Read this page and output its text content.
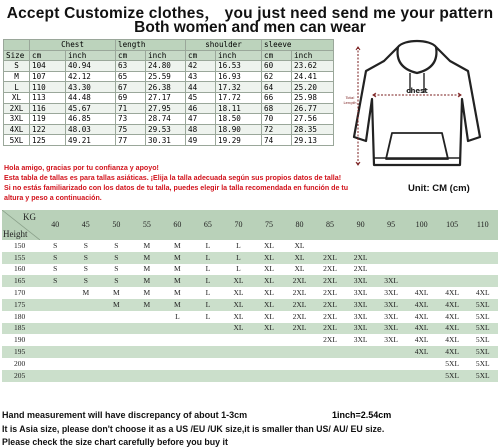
Accept Customize clothes， you just need send me your pattern
Both women and men can wear
	Chest		length		shoulder		sleeve	
Size	cm	inch	cm	inch	cm	inch	cm	inch
S	104	40.94	63	24.80	42	16.53	60	23.62
M	107	42.12	65	25.59	43	16.93	62	24.41
L	110	43.30	67	26.38	44	17.32	64	25.20
XL	113	44.48	69	27.17	45	17.72	66	25.98
2XL	116	45.67	71	27.95	46	18.11	68	26.77
3XL	119	46.85	73	28.74	47	18.50	70	27.56
4XL	122	48.03	75	29.53	48	18.90	72	28.35
5XL	125	49.21	77	30.31	49	19.29	74	29.13
chest
Total
Length
Hola amigo, gracias por tu confianza y apoyo!
Esta tabla de tallas es para tallas asiáticas. ¡Elija la talla adecuada según sus propios datos de talla!
Si no estás familiarizado con los datos de tu talla, puedes elegir la talla recomendada en función de tu
altura y peso a continuación.
Unit: CM (cm)
KG
Height	40	45	50	55	60	65	70	75	80	85	90	95	100	105	110
150	S	S	S	M	M	L	L	XL	XL						
155	S	S	S	M	M	L	L	XL	XL	2XL	2XL				
160	S	S	S	M	M	L	L	XL	XL	2XL	2XL				
165	S	S	S	M	M	L	XL	XL	2XL	2XL	3XL	3XL			
170		M	M	M	M	L	XL	XL	2XL	2XL	3XL	3XL	4XL	4XL	4XL
175			M	M	M	L	XL	XL	2XL	2XL	3XL	3XL	4XL	4XL	5XL
180					L	L	XL	XL	2XL	2XL	3XL	3XL	4XL	4XL	5XL
185							XL	XL	2XL	2XL	3XL	3XL	4XL	4XL	5XL
190										2XL	3XL	3XL	4XL	4XL	5XL
195													4XL	4XL	5XL
200														5XL	5XL
205														5XL	5XL
Hand measurement will have discrepancy of about 1-3cm	1inch=2.54cm
It is Asia size, please don't choose it as a US /EU /UK size,it is smaller than US/ AU/ EU size.
Please check the size chart carefully before you buy it
